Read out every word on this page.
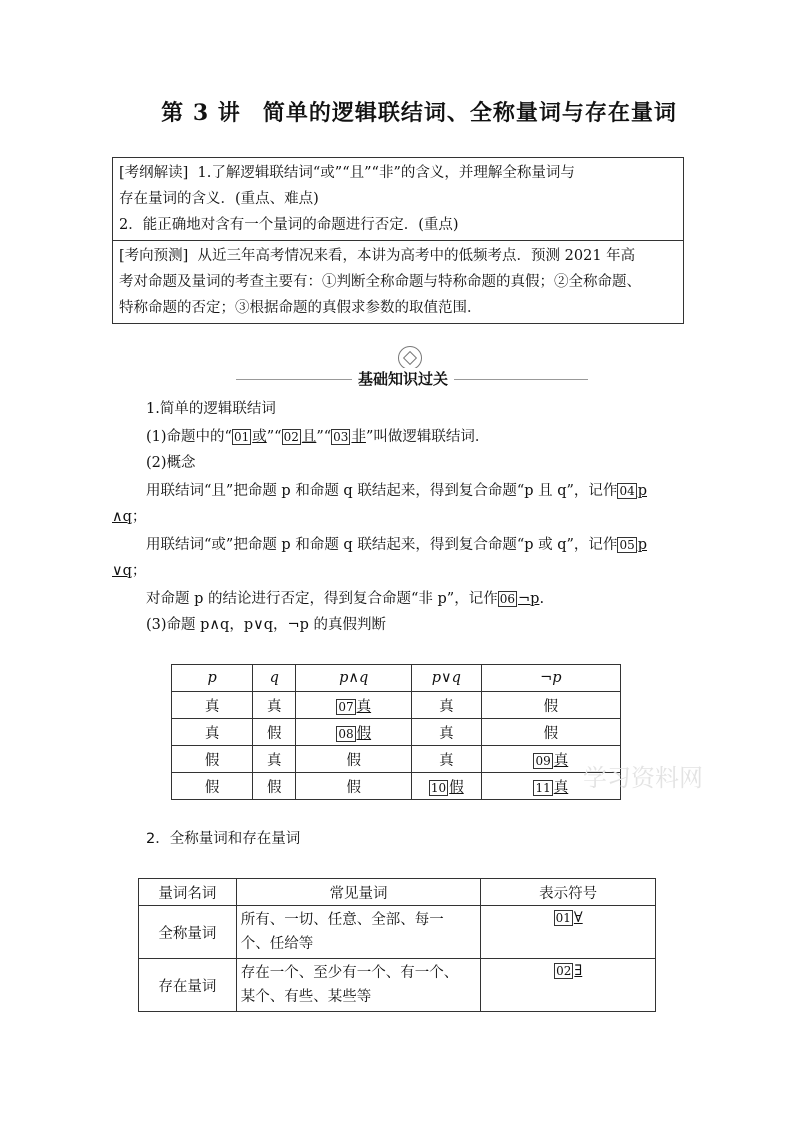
第 3 讲 简单的逻辑联结词、全称量词与存在量词
[考纲解读] 1.了解逻辑联结词“或”“且”“非”的含义，并理解全称量词与
存在量词的含义．(重点、难点)
2．能正确地对含有一个量词的命题进行否定．(重点)
[考向预测] 从近三年高考情况来看，本讲为高考中的低频考点．预测 2021 年高
考对命题及量词的考查主要有：①判断全称命题与特称命题的真假；②全称命题、
特称命题的否定；③根据命题的真假求参数的取值范围．
基础知识过关
1.简单的逻辑联结词
(1)命题中的“ 01 或”“ 02 且”“ 03 非”叫做逻辑联结词．
(2)概念
用联结词“且”把命题 p 和命题 q 联结起来，得到复合命题“p 且 q”，记作 04 p
∧q；
用联结词“或”把命题 p 和命题 q 联结起来，得到复合命题“p 或 q”，记作 05 p
∨q；
对命题 p 的结论进行否定，得到复合命题“非 p”，记作 06 ¬p.
(3)命题 p∧q，p∨q，¬p 的真假判断
p	q	p∧q	p∨q	¬p
真	真	07 真	真	假
真	假	08 假	真	假
假	真	假	真	09 真
假	假	假	10 假	11 真 学习资料网
2．全称量词和存在量词
量词名词	常见量词	表示符号
全称量词	所有、一切、任意、全部、每一
个、任给等	01 ∀
存在量词	存在一个、至少有一个、有一个、
某个、有些、某些等	02 ∃
